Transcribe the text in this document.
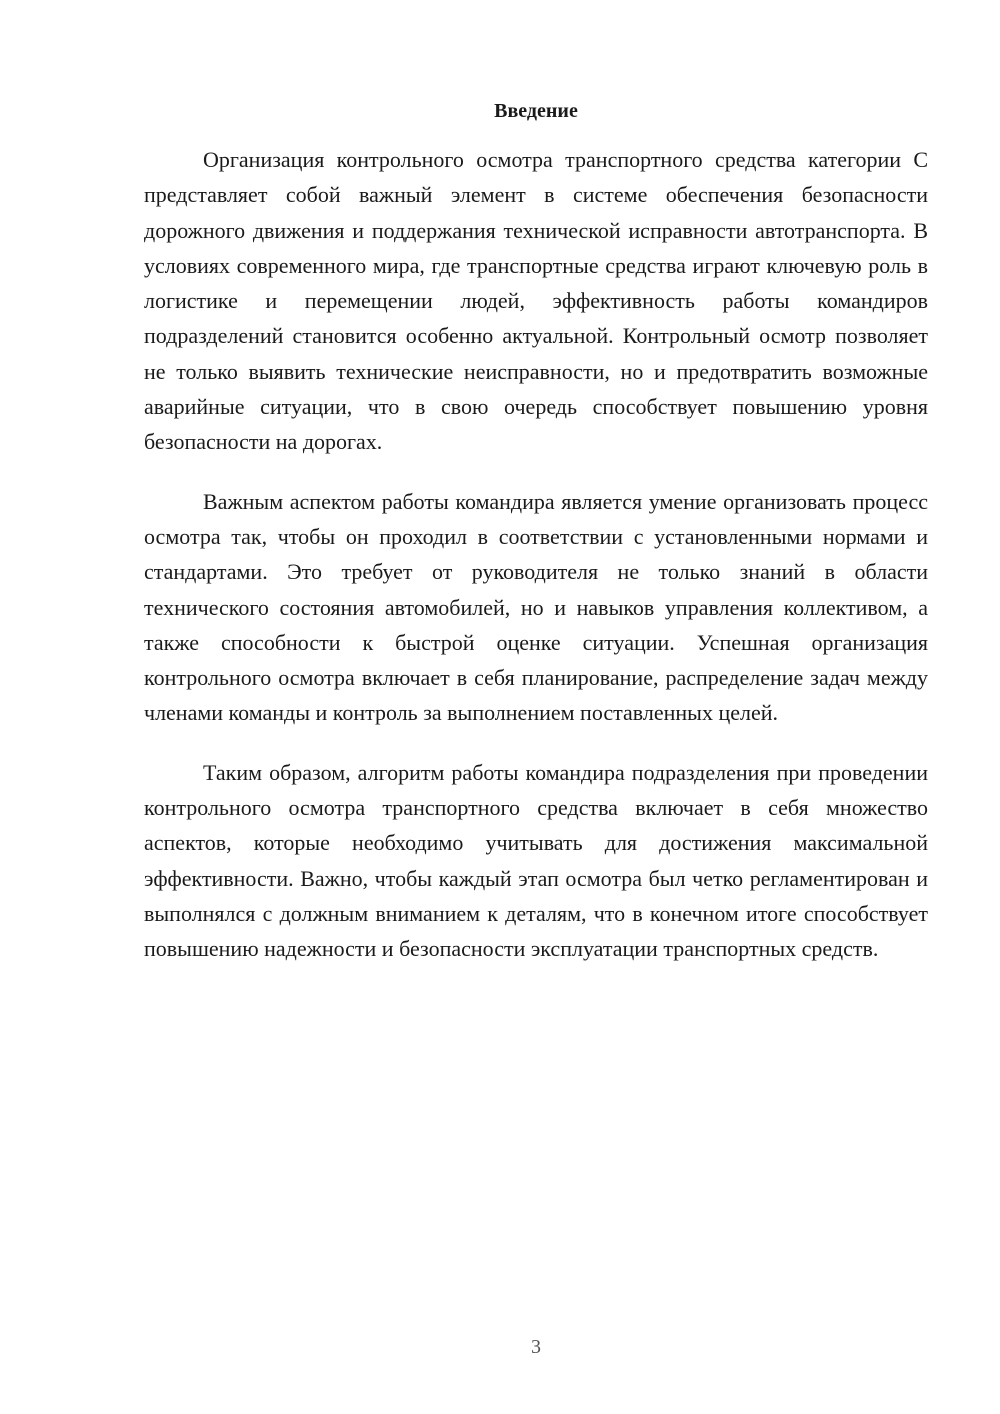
Введение

Организация контрольного осмотра транспортного средства категории С представляет собой важный элемент в системе обеспечения безопасности дорожного движения и поддержания технической исправности автотранспорта. В условиях современного мира, где транспортные средства играют ключевую роль в логистике и перемещении людей, эффективность работы командиров подразделений становится особенно актуальной. Контрольный осмотр позволяет не только выявить технические неисправности, но и предотвратить возможные аварийные ситуации, что в свою очередь способствует повышению уровня безопасности на дорогах.

Важным аспектом работы командира является умение организовать процесс осмотра так, чтобы он проходил в соответствии с установленными нормами и стандартами. Это требует от руководителя не только знаний в области технического состояния автомобилей, но и навыков управления коллективом, а также способности к быстрой оценке ситуации. Успешная организация контрольного осмотра включает в себя планирование, распределение задач между членами команды и контроль за выполнением поставленных целей.

Таким образом, алгоритм работы командира подразделения при проведении контрольного осмотра транспортного средства включает в себя множество аспектов, которые необходимо учитывать для достижения максимальной эффективности. Важно, чтобы каждый этап осмотра был четко регламентирован и выполнялся с должным вниманием к деталям, что в конечном итоге способствует повышению надежности и безопасности эксплуатации транспортных средств.

3
